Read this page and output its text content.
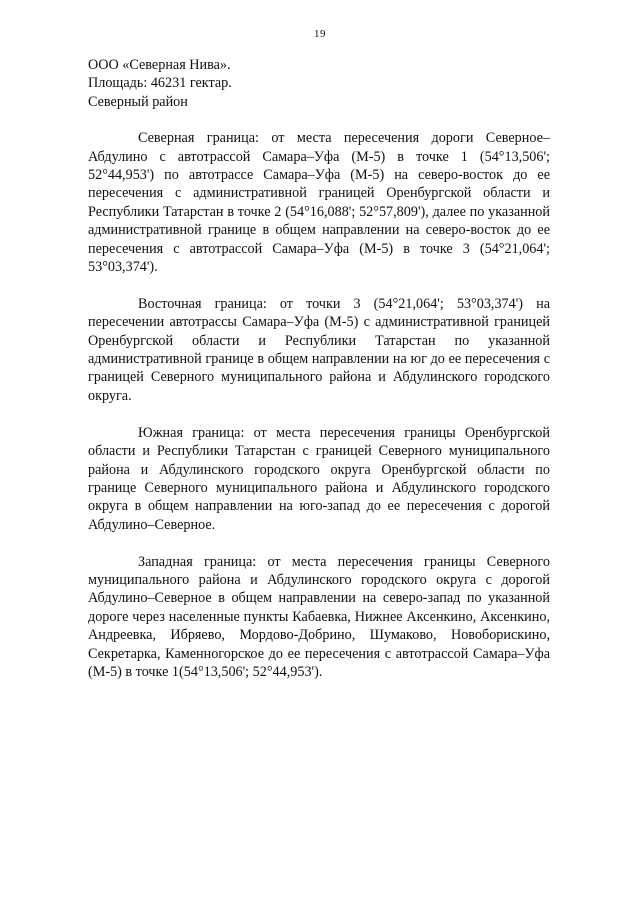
19

ООО «Северная Нива».

Площадь: 46231 гектар.

Северный район

Северная граница: от места пересечения дороги Северное–Абдулино с автотрассой Самара–Уфа (М-5) в точке 1 (54°13,506'; 52°44,953') по автотрассе Самара–Уфа (М-5) на северо-восток до ее пересечения с административной границей Оренбургской области и Республики Татарстан в точке 2 (54°16,088'; 52°57,809'), далее по указанной административной границе в общем направлении на северо-восток до ее пересечения с автотрассой Самара–Уфа (М-5) в точке 3 (54°21,064'; 53°03,374').

Восточная граница: от точки 3 (54°21,064'; 53°03,374') на пересечении автотрассы Самара–Уфа (М-5) с административной границей Оренбургской области и Республики Татарстан по указанной административной границе в общем направлении на юг до ее пересечения с границей Северного муниципального района и Абдулинского городского округа.

Южная граница: от места пересечения границы Оренбургской области и Республики Татарстан с границей Северного муниципального района и Абдулинского городского округа Оренбургской области по границе Северного муниципального района и Абдулинского городского округа в общем направлении на юго-запад до ее пересечения с дорогой Абдулино–Северное.

Западная граница: от места пересечения границы Северного муниципального района и Абдулинского городского округа с дорогой Абдулино–Северное в общем направлении на северо-запад по указанной дороге через населенные пункты Кабаевка, Нижнее Аксенкино, Аксенкино, Андреевка, Ибряево, Мордово-Добрино, Шумаково, Новоборискино, Секретарка, Каменногорское до ее пересечения с автотрассой Самара–Уфа (М-5) в точке 1(54°13,506'; 52°44,953').
